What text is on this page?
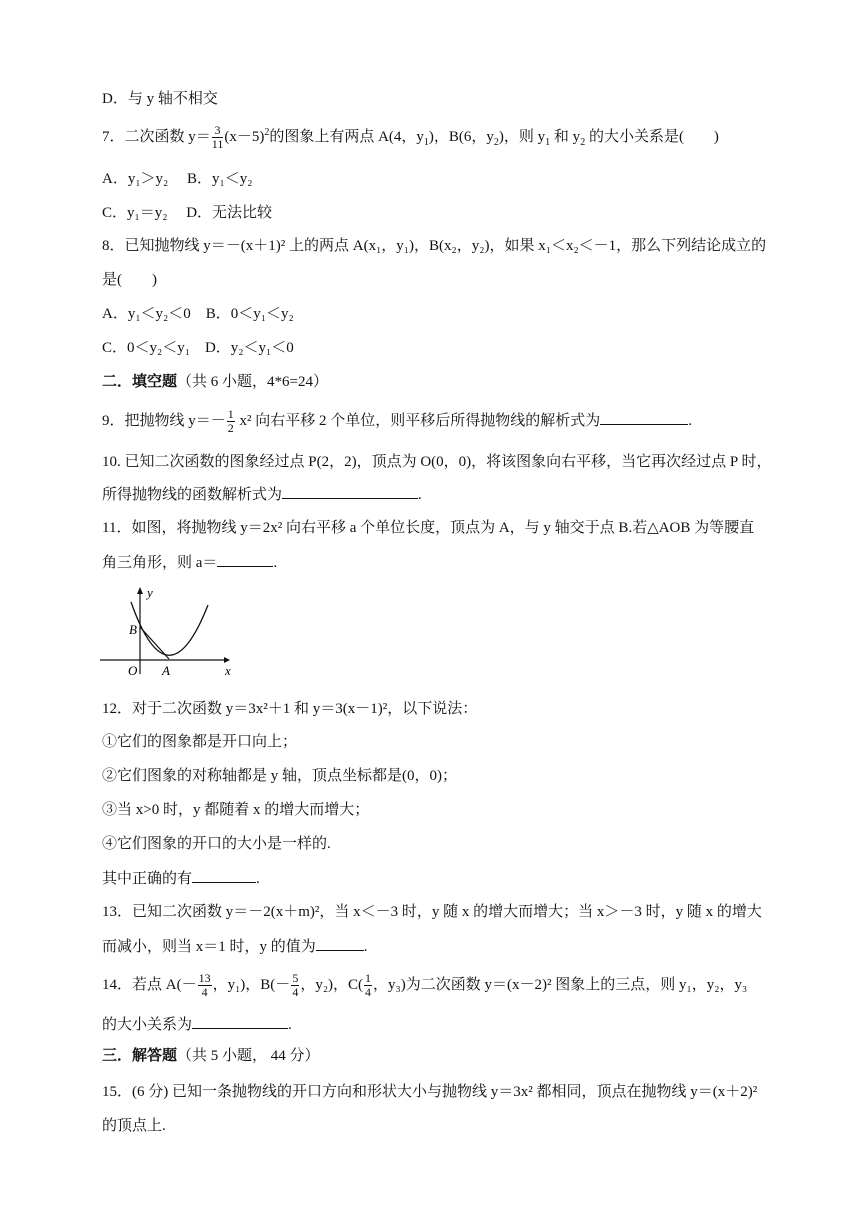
D．与 y 轴不相交
7．二次函数 $y= \frac{3}{11} (x-5)^2$的图象上有两点 A(4，$y_1$)，B(6，$y_2$)，则 $y_1$ 和 $y_2$ 的大小关系是(　　)
A．y₁＞y₂　 B．y₁＜y₂
C．y₁＝y₂　 D．无法比较
8．已知抛物线 y＝－(x＋1)² 上的两点 A(x₁，y₁)，B(x₂，y₂)，如果 x₁＜x₂＜－1，那么下列结论成立的
是(　　)
A．y₁＜y₂＜0　B．0＜y₁＜y₂
C．0＜y₂＜y₁　D．y₂＜y₁＜0
二．填空题（共 6 小题，4*6=24）
9．把抛物线 $y=- \frac{1}{2} x^2$ 向右平移 2 个单位，则平移后所得抛物线的解析式为	.
10. 已知二次函数的图象经过点 P(2，2)，顶点为 O(0，0)，将该图象向右平移，当它再次经过点 P 时，
所得抛物线的函数解析式为	.
11．如图，将抛物线 y＝2x² 向右平移 a 个单位长度，顶点为 A，与 y 轴交于点 B.若△AOB 为等腰直
角三角形，则 a＝	.
y
x
B
O A
12．对于二次函数 y＝3x²＋1 和 y＝3(x－1)²，以下说法：
①它们的图象都是开口向上；
②它们图象的对称轴都是 y 轴，顶点坐标都是(0，0)；
③当 x>0 时，y 都随着 x 的增大而增大；
④它们图象的开口的大小是一样的.
其中正确的有	.
13．已知二次函数 y＝－2(x＋m)²，当 x＜－3 时，y 随 x 的增大而增大；当 x＞－3 时，y 随 x 的增大
而减小，则当 x＝1 时，y 的值为	.
14．若点 $A(- \frac{13}{4}$ ，y₁)，$B(- \frac{5}{4}$ ，y₂)，$C( \frac{1}{4}$ ，y₃)为二次函数 y＝(x－2)² 图象上的三点，则 y₁，y₂，y₃
的大小关系为	.
三．解答题（共 5 小题， 44 分）
15．(6 分) 已知一条抛物线的开口方向和形状大小与抛物线 y＝3x² 都相同，顶点在抛物线 y＝(x＋2)²
的顶点上.
